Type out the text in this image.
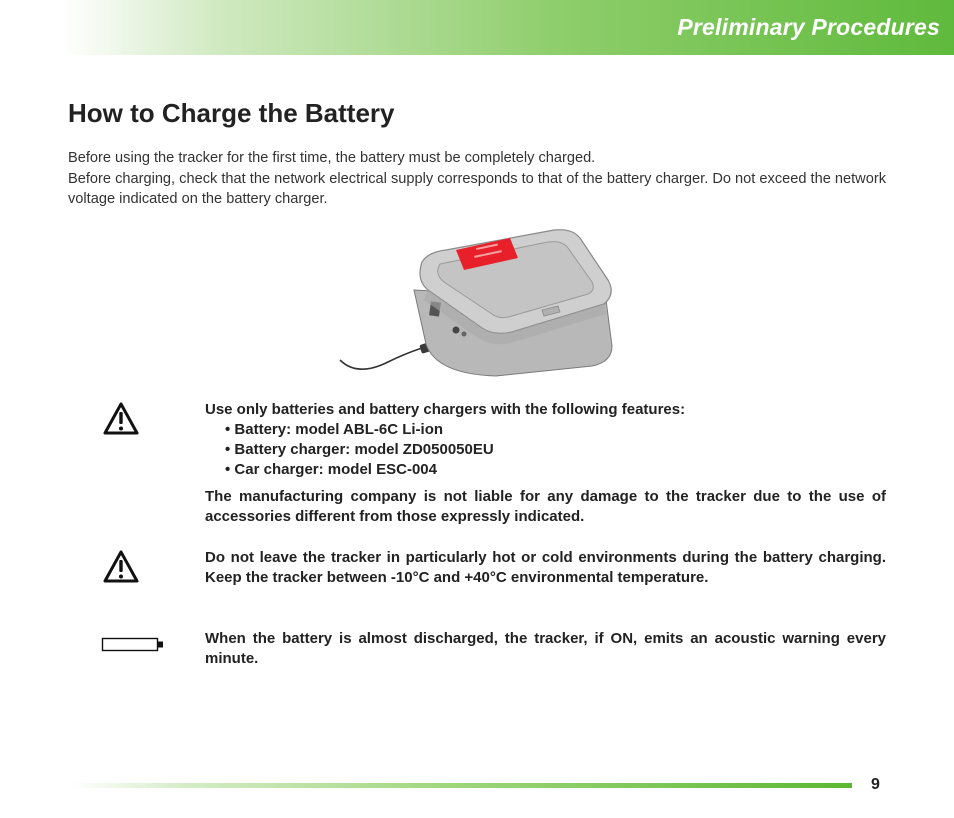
Preliminary Procedures
How to Charge the Battery

Before using the tracker for the first time, the battery must be completely charged.

Before charging, check that the network electrical supply corresponds to that of the battery charger. Do not exceed the network voltage indicated on the battery charger.

Use only batteries and battery chargers with the following features:

• Battery: model ABL-6C Li-ion
• Battery charger: model ZD050050EU
• Car charger: model ESC-004

The manufacturing company is not liable for any damage to the tracker due to the use of accessories different from those expressly indicated.

Do not leave the tracker in particularly hot or cold environments during the battery charging. Keep the tracker between -10°C and +40°C environmental temperature.

When the battery is almost discharged, the tracker, if ON, emits an acoustic warning every minute.

9
